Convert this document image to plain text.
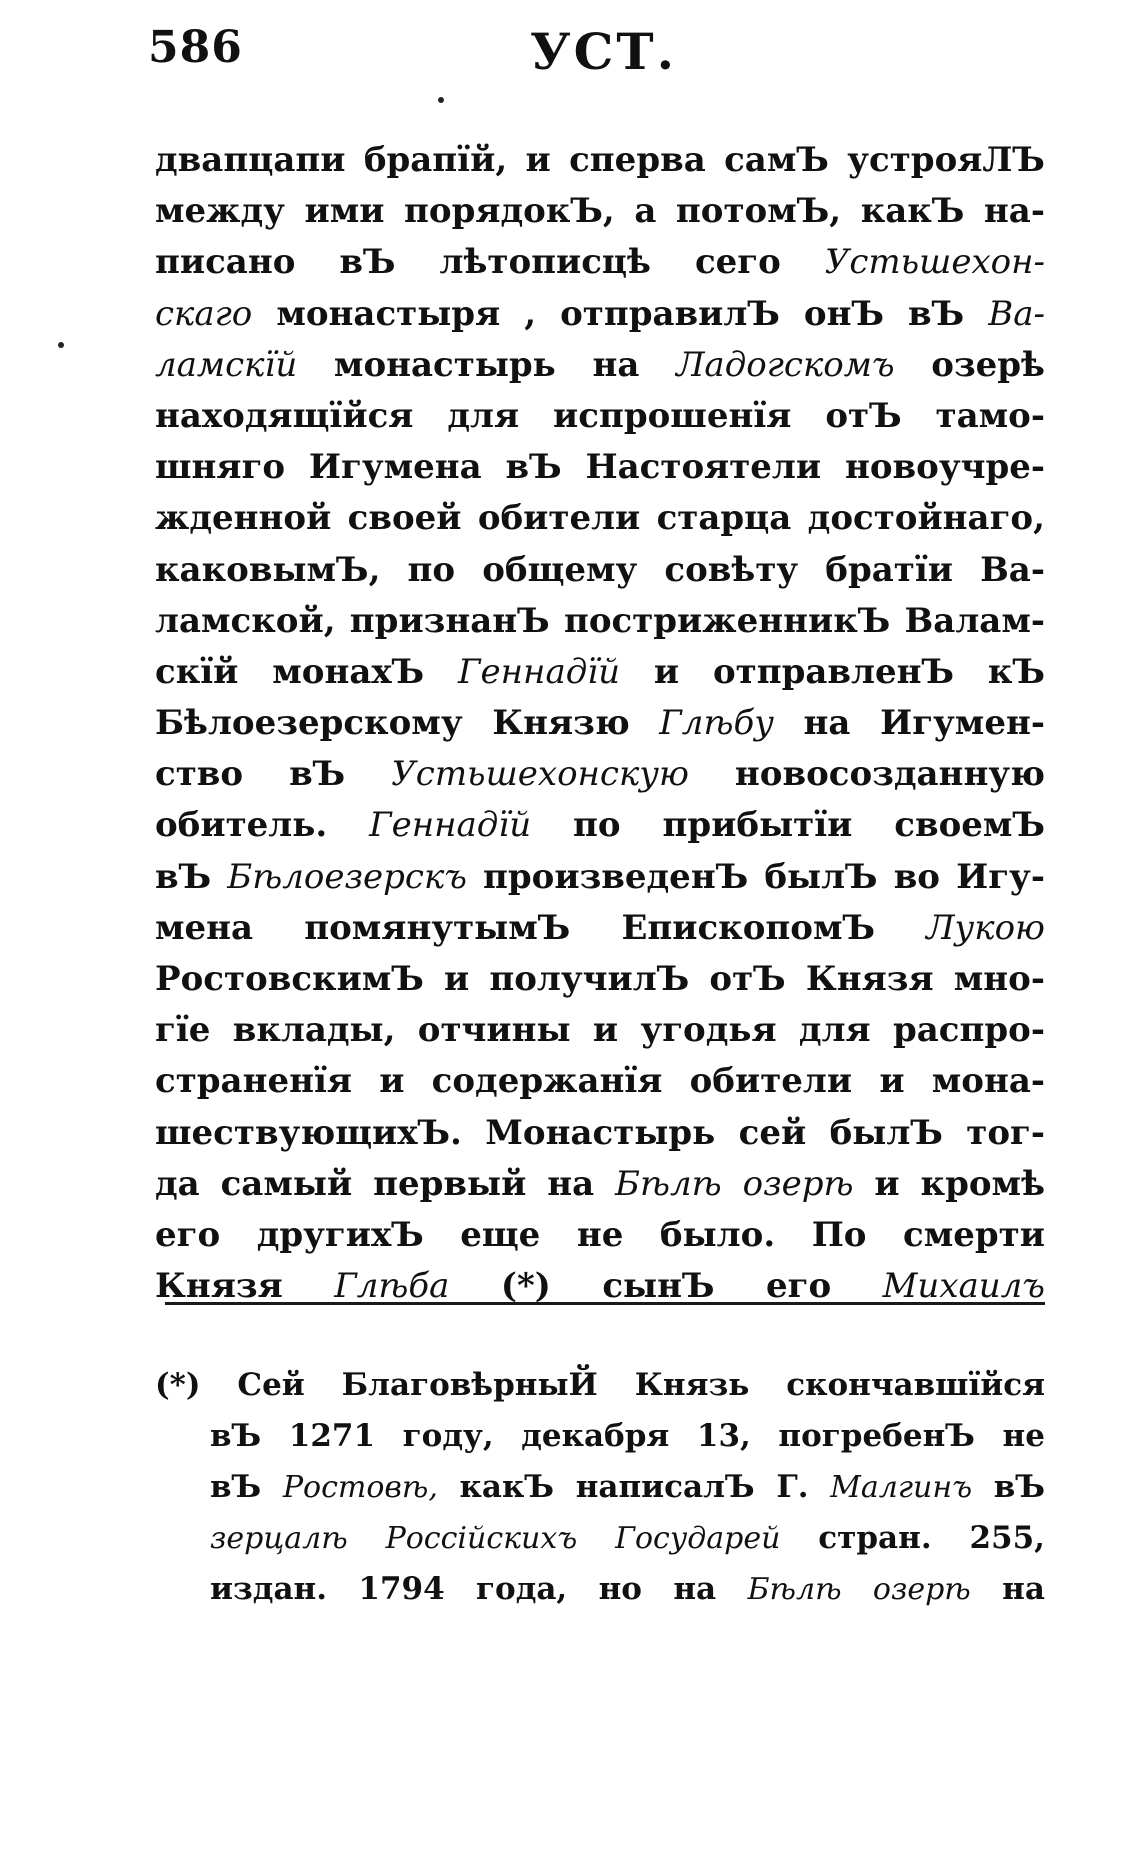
586	УСТ.
двапцапи брапїй, и сперва самЪ устрояЛЪ
между ими порядокЪ, а потомЪ, какЪ на-
писано вЪ лѣтописцѣ сего Устьшехон-
скаго монастыря , отправилЪ онЪ вЪ Ва-
ламскїй монастырь на Ладогскомъ озерѣ
находящїйся для испрошенїя отЪ тамо-
шняго Игумена вЪ Настоятели новоучре-
жденной своей обители старца достойнаго,
каковымЪ, по общему совѣту братїи Ва-
ламской, признанЪ постриженникЪ Валам-
скїй монахЪ Геннадїй и отправленЪ кЪ
Бѣлоезерскому Князю Глѣбу на Игумен-
ство вЪ Устьшехонскую новосозданную
обитель. Геннадїй по прибытїи своемЪ
вЪ Бѣлоезерскъ произведенЪ былЪ во Игу-
мена помянутымЪ ЕпископомЪ Лукою
РостовскимЪ и получилЪ отЪ Князя мно-
гїе вклады, отчины и угодья для распро-
страненїя и содержанїя обители и мона-
шествующихЪ. Монастырь сей былЪ тог-
да самый первый на Бѣлѣ озерѣ и кромѣ
его другихЪ еще не было. По смерти
Князя Глѣба (*) сынЪ его Михаилъ
(*) Сей БлаговѣрныЙ Князь скончавшїйся
вЪ 1271 году, декабря 13, погребенЪ не
вЪ Ростовѣ, какЪ написалЪ Г. Малгинъ вЪ
зерцалѣ Россійскихъ Государей стран. 255,
издан. 1794 года, но на Бѣлѣ озерѣ на
